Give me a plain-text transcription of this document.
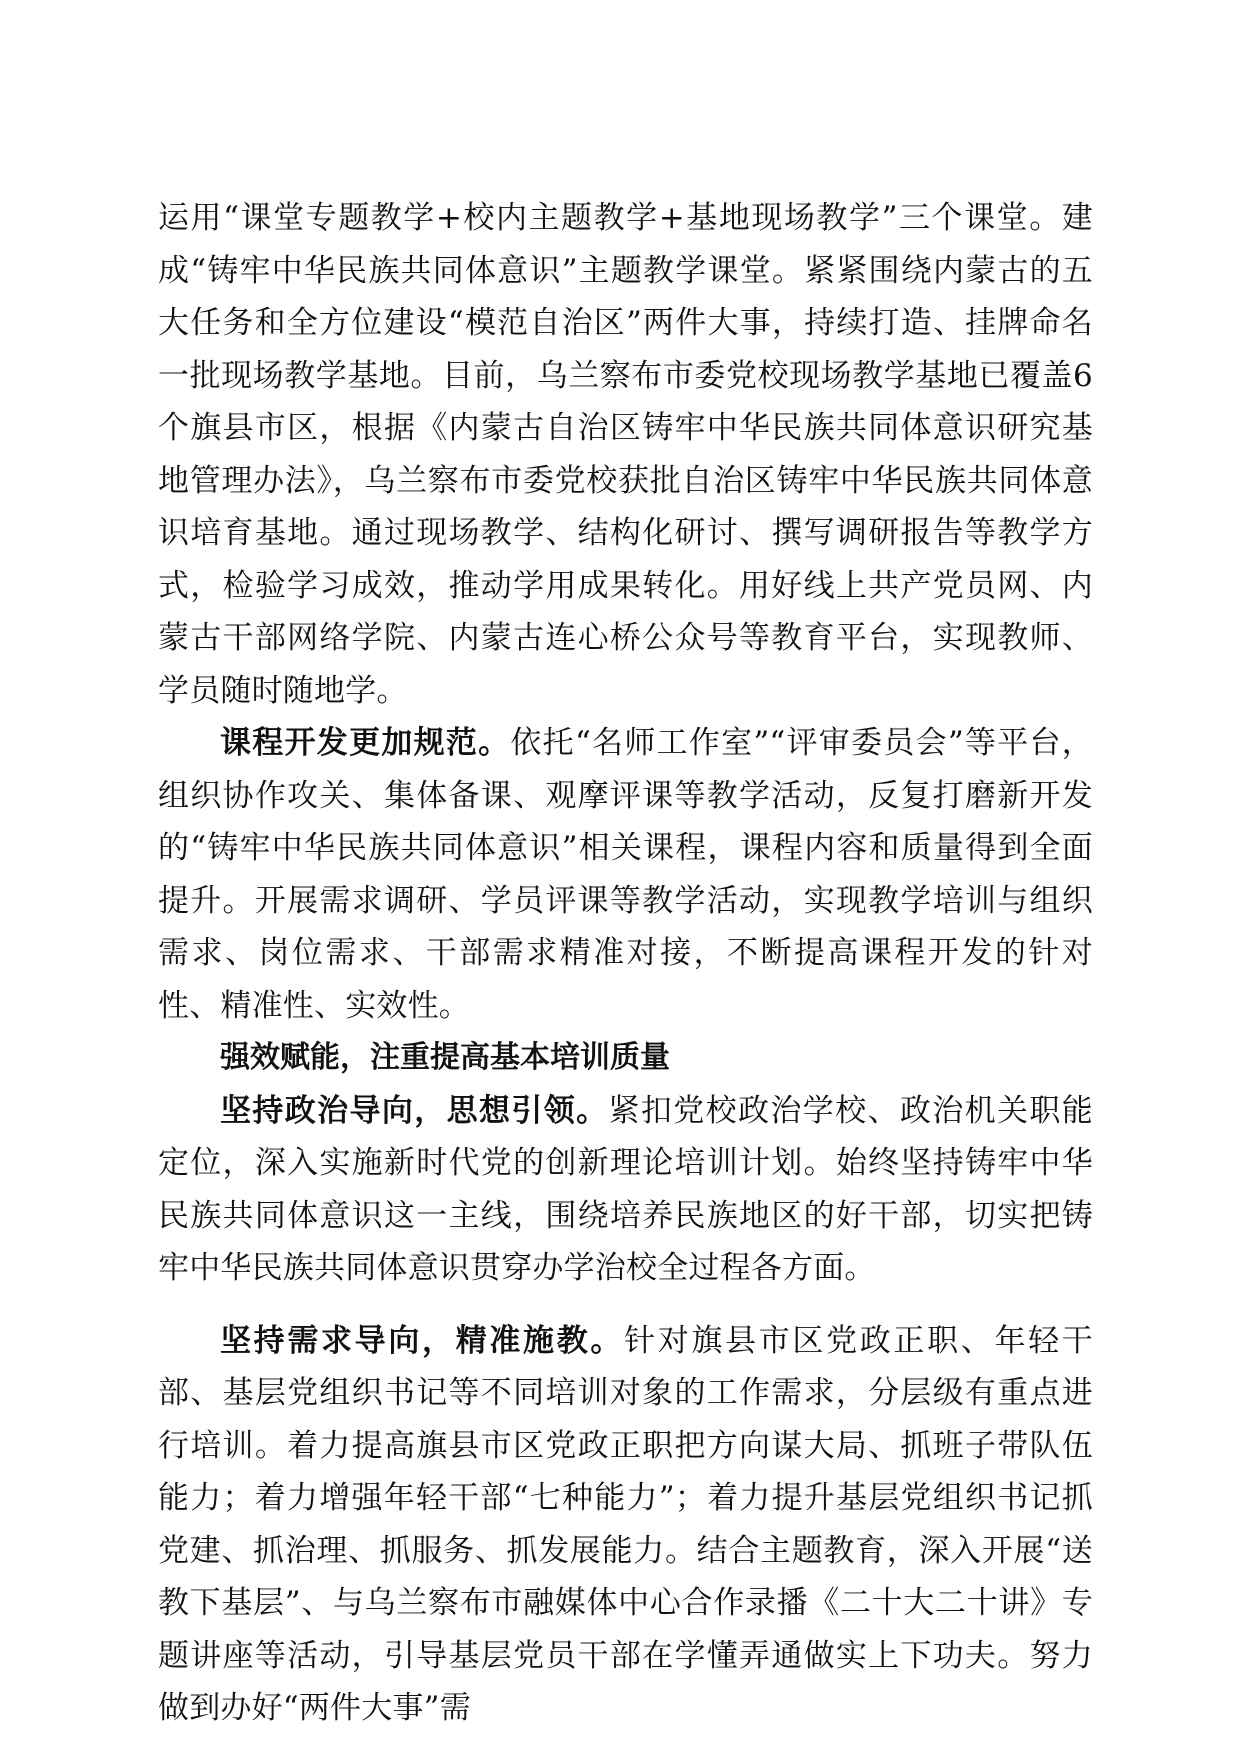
运用“课堂专题教学+校内主题教学+基地现场教学”三个课堂。建成“铸牢中华民族共同体意识”主题教学课堂。紧紧围绕内蒙古的五大任务和全方位建设“模范自治区”两件大事，持续打造、挂牌命名一批现场教学基地。目前，乌兰察布市委党校现场教学基地已覆盖6个旗县市区，根据《内蒙古自治区铸牢中华民族共同体意识研究基地管理办法》，乌兰察布市委党校获批自治区铸牢中华民族共同体意识培育基地。通过现场教学、结构化研讨、撰写调研报告等教学方式，检验学习成效，推动学用成果转化。用好线上共产党员网、内蒙古干部网络学院、内蒙古连心桥公众号等教育平台，实现教师、学员随时随地学。

课程开发更加规范。依托“名师工作室”“评审委员会”等平台，组织协作攻关、集体备课、观摩评课等教学活动，反复打磨新开发的“铸牢中华民族共同体意识”相关课程，课程内容和质量得到全面提升。开展需求调研、学员评课等教学活动，实现教学培训与组织需求、岗位需求、干部需求精准对接，不断提高课程开发的针对性、精准性、实效性。

强效赋能，注重提高基本培训质量

坚持政治导向，思想引领。紧扣党校政治学校、政治机关职能定位，深入实施新时代党的创新理论培训计划。始终坚持铸牢中华民族共同体意识这一主线，围绕培养民族地区的好干部，切实把铸牢中华民族共同体意识贯穿办学治校全过程各方面。

坚持需求导向，精准施教。针对旗县市区党政正职、年轻干部、基层党组织书记等不同培训对象的工作需求，分层级有重点进行培训。着力提高旗县市区党政正职把方向谋大局、抓班子带队伍能力；着力增强年轻干部“七种能力”；着力提升基层党组织书记抓党建、抓治理、抓服务、抓发展能力。结合主题教育，深入开展“送教下基层”、与乌兰察布市融媒体中心合作录播《二十大二十讲》专题讲座等活动，引导基层党员干部在学懂弄通做实上下功夫。努力做到办好“两件大事”需
